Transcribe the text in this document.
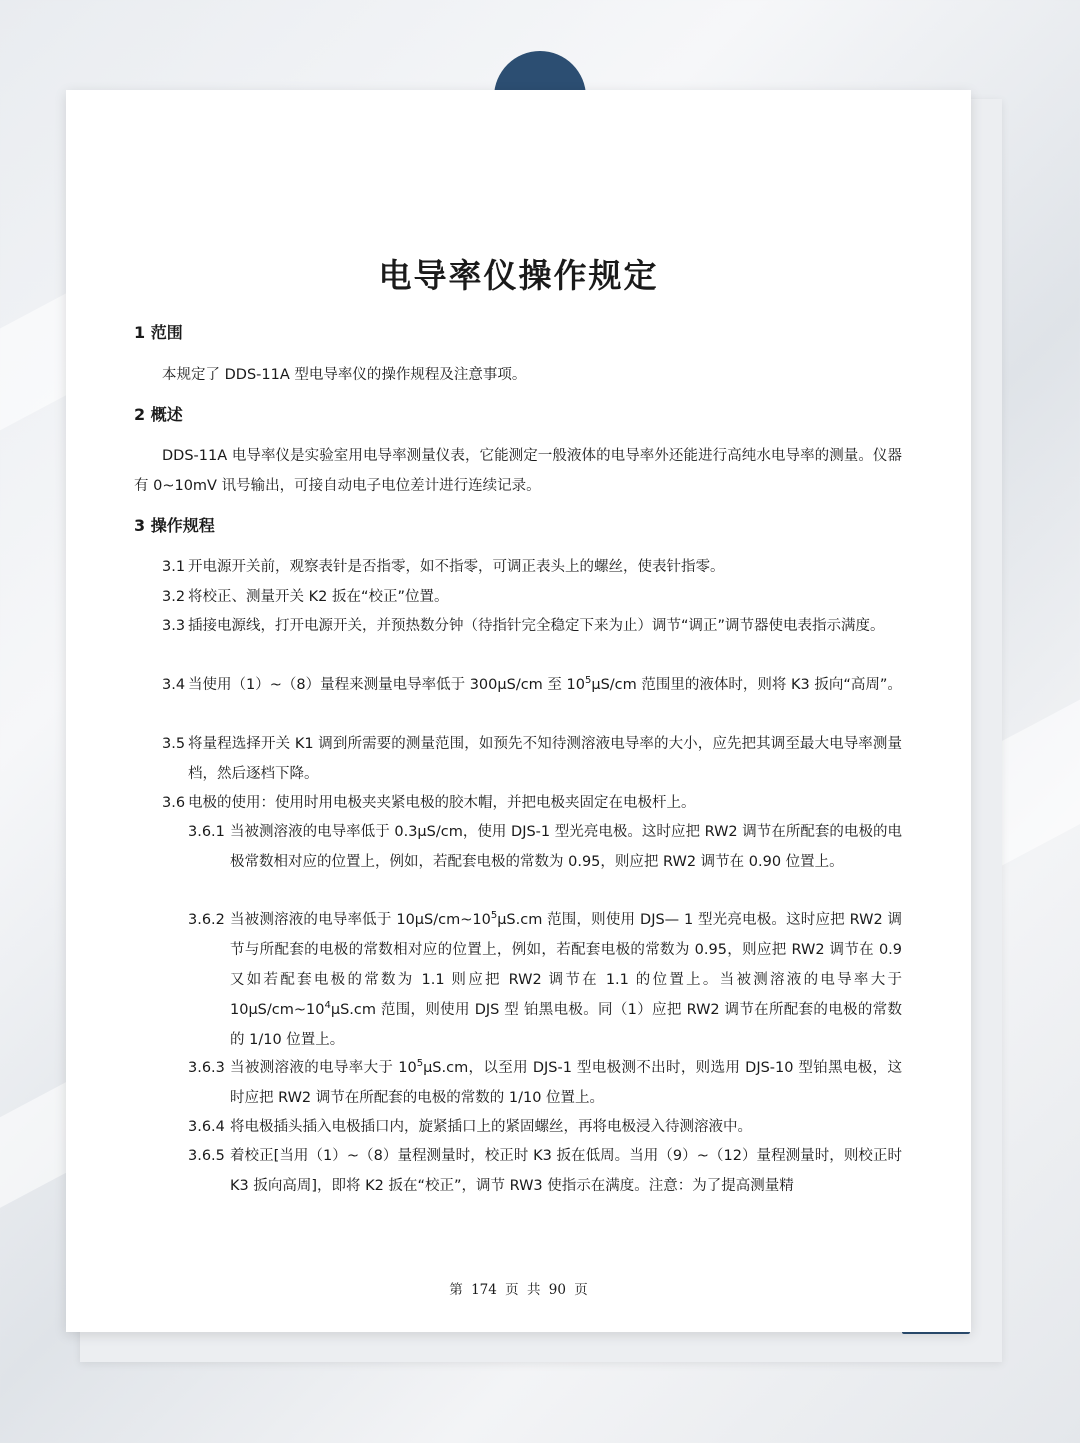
电导率仪操作规定
1 范围

本规定了 DDS-11A 型电导率仪的操作规程及注意事项。

2 概述

DDS-11A 电导率仪是实验室用电导率测量仪表，它能测定一般液体的电导率外还能进行高纯水电导率的测量。仪器有 0~10mV 讯号输出，可接自动电子电位差计进行连续记录。

3 操作规程
3.1 开电源开关前，观察表针是否指零，如不指零，可调正表头上的螺丝，使表针指零。
3.2 将校正、测量开关 K2 扳在“校正”位置。
3.3 插接电源线，打开电源开关，并预热数分钟（待指针完全稳定下来为止）调节“调正”调节器使电表指示满度。
3.4 当使用（1）~（8）量程来测量电导率低于 300μS/cm 至 $10^5\mu S/cm$ 范围里的液体时，则将 K3 扳向“高周”。
3.5 将量程选择开关 K1 调到所需要的测量范围，如预先不知待测溶液电导率的大小，应先把其调至最大电导率测量档，然后逐档下降。
3.6 电极的使用：使用时用电极夹夹紧电极的胶木帽，并把电极夹固定在电极杆上。
3.6.1 当被测溶液的电导率低于 0.3μS/cm，使用 DJS-1 型光亮电极。这时应把 RW2 调节在所配套的电极的电极常数相对应的位置上，例如，若配套电极的常数为 0.95，则应把 RW2 调节在 0.90 位置上。
3.6.2 当被测溶液的电导率低于 $10\mu S/cm\sim 10^5\mu S.cm$ 范围，则使用 DJS— 1 型光亮电极。这时应把 RW2 调节与所配套的电极的常数相对应的位置上，例如，若配套电极的常数为 0.95，则应把 RW2 调节在 0.9 又如若配套电极的常数为 1.1 则应把 RW2 调节在 1.1 的位置上。当被测溶液的电导率大于 $10\mu S/cm\sim 10^4\mu S.cm$ 范围，则使用 DJS 型 铂黑电极。同（1）应把 RW2 调节在所配套的电极的常数的 1/10 位置上。
3.6.3 当被测溶液的电导率大于 $10^5\mu S.cm$，以至用 DJS-1 型电极测不出时，则选用 DJS-10 型铂黑电极，这时应把 RW2 调节在所配套的电极的常数的 1/10 位置上。
3.6.4 将电极插头插入电极插口内，旋紧插口上的紧固螺丝，再将电极浸入待测溶液中。
3.6.5 着校正[当用（1）~（8）量程测量时，校正时 K3 扳在低周。当用（9）~（12）量程测量时，则校正时 K3 扳向高周]，即将 K2 扳在“校正”，调节 RW3 使指示在满度。注意：为了提高测量精
第 174 页 共 90 页
